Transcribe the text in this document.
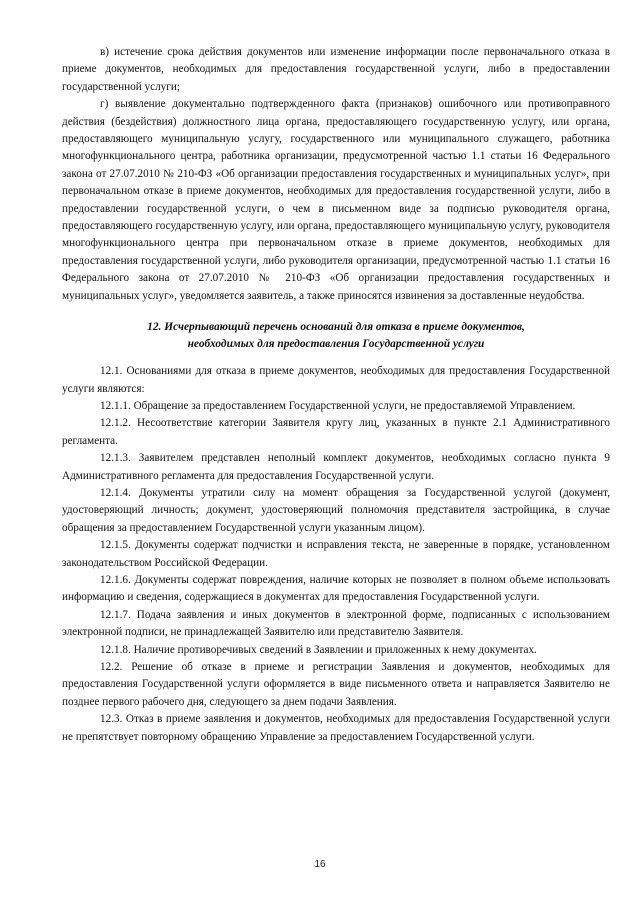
в) истечение срока действия документов или изменение информации после первоначального отказа в приеме документов, необходимых для предоставления государственной услуги, либо в предоставлении государственной услуги;

г) выявление документально подтвержденного факта (признаков) ошибочного или противоправного действия (бездействия) должностного лица органа, предоставляющего государственную услугу, или органа, предоставляющего муниципальную услугу, государственного или муниципального служащего, работника многофункционального центра, работника организации, предусмотренной частью 1.1 статьи 16 Федерального закона от 27.07.2010 № 210-ФЗ «Об организации предоставления государственных и муниципальных услуг», при первоначальном отказе в приеме документов, необходимых для предоставления государственной услуги, либо в предоставлении государственной услуги, о чем в письменном виде за подписью руководителя органа, предоставляющего государственную услугу, или органа, предоставляющего муниципальную услугу, руководителя многофункционального центра при первоначальном отказе в приеме документов, необходимых для предоставления государственной услуги, либо руководителя организации, предусмотренной частью 1.1 статьи 16 Федерального закона от 27.07.2010 № 210-ФЗ «Об организации предоставления государственных и муниципальных услуг», уведомляется заявитель, а также приносятся извинения за доставленные неудобства.

12. Исчерпывающий перечень оснований для отказа в приеме документов,
необходимых для предоставления Государственной услуги

12.1. Основаниями для отказа в приеме документов, необходимых для предоставления Государственной услуги являются:

12.1.1. Обращение за предоставлением Государственной услуги, не предоставляемой Управлением.

12.1.2. Несоответствие категории Заявителя кругу лиц, указанных в пункте 2.1 Административного регламента.

12.1.3. Заявителем представлен неполный комплект документов, необходимых согласно пункта 9 Административного регламента для предоставления Государственной услуги.

12.1.4. Документы утратили силу на момент обращения за Государственной услугой (документ, удостоверяющий личность; документ, удостоверяющий полномочия представителя застройщика, в случае обращения за предоставлением Государственной услуги указанным лицом).

12.1.5. Документы содержат подчистки и исправления текста, не заверенные в порядке, установленном законодательством Российской Федерации.

12.1.6. Документы содержат повреждения, наличие которых не позволяет в полном объеме использовать информацию и сведения, содержащиеся в документах для предоставления Государственной услуги.

12.1.7. Подача заявления и иных документов в электронной форме, подписанных с использованием электронной подписи, не принадлежащей Заявителю или представителю Заявителя.

12.1.8. Наличие противоречивых сведений в Заявлении и приложенных к нему документах.

12.2. Решение об отказе в приеме и регистрации Заявления и документов, необходимых для предоставления Государственной услуги оформляется в виде письменного ответа и направляется Заявителю не позднее первого рабочего дня, следующего за днем подачи Заявления.

12.3. Отказ в приеме заявления и документов, необходимых для предоставления Государственной услуги не препятствует повторному обращению Управление за предоставлением Государственной услуги.

16
